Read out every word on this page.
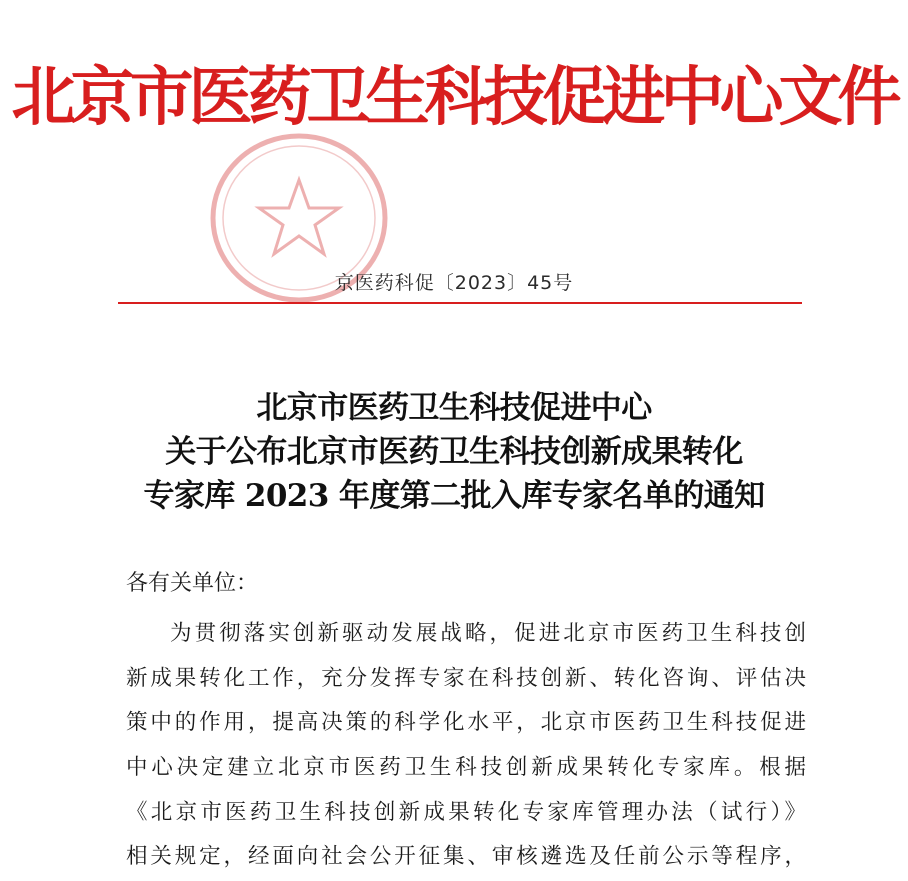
北京市医药卫生科技促进中心文件
京医药科促〔2023〕45号
北京市医药卫生科技促进中心
关于公布北京市医药卫生科技创新成果转化
专家库 2023 年度第二批入库专家名单的通知
各有关单位：
为贯彻落实创新驱动发展战略，促进北京市医药卫生科技创
新成果转化工作，充分发挥专家在科技创新、转化咨询、评估决
策中的作用，提高决策的科学化水平，北京市医药卫生科技促进
中心决定建立北京市医药卫生科技创新成果转化专家库。根据
《北京市医药卫生科技创新成果转化专家库管理办法（试行）》
相关规定，经面向社会公开征集、审核遴选及任前公示等程序，
